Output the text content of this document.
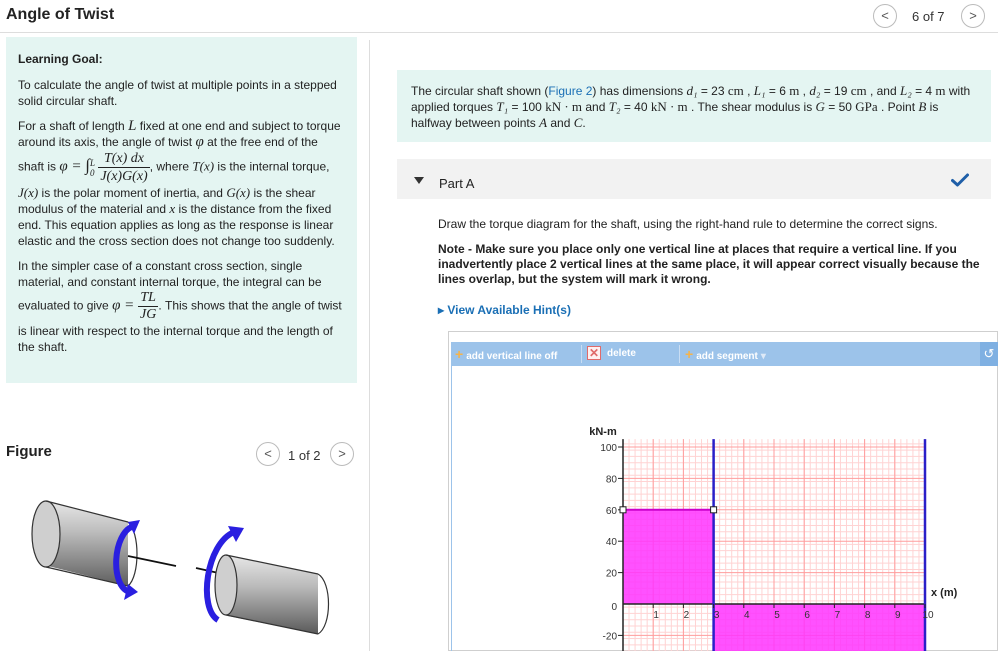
Angle of Twist	<	6 of 7	>

Learning Goal:

To calculate the angle of twist at multiple points in a stepped solid circular shaft.

For a shaft of length L fixed at one end and subject to torque around its axis, the angle of twist φ at the free end of the shaft is φ = ∫ L
0
$\frac{T(x) dx}{J(x)G(x)}$ , where T(x) is the internal torque, J(x) is the polar moment of inertia, and G(x) is the shear modulus of the material and x is the distance from the fixed end. This equation applies as long as the response is linear elastic and the cross section does not change too suddenly.

In the simpler case of a constant cross section, single material, and constant internal torque, the integral can be evaluated to give $\varphi = \frac{TL}{JG}$ . This shows that the angle of twist is linear with respect to the internal torque and the length of the shaft.

Figure	<	1 of 2	>
The circular shaft shown (Figure 2) has dimensions d₁ = 23 cm , L₁ = 6 m , d₂ = 19 cm , and L₂ = 4 m with applied torques T₁ = 100 kN · m and T₂ = 40 kN · m . The shear modulus is G = 50 GPa . Point B is halfway between points A and C.
Part A
Draw the torque diagram for the shaft, using the right-hand rule to determine the correct signs.
Note - Make sure you place only one vertical line at places that require a vertical line. If you inadvertently place 2 vertical lines at the same place, it will appear correct visually because the lines overlap, but the system will mark it wrong.
▸ View Available Hint(s)
+ add vertical line off	✕ delete	+ add segment ▾	↺
100
80
60
40
20
-20
0
1 2 3 4 5 6 7 8 9 10
kN-m
x (m)
